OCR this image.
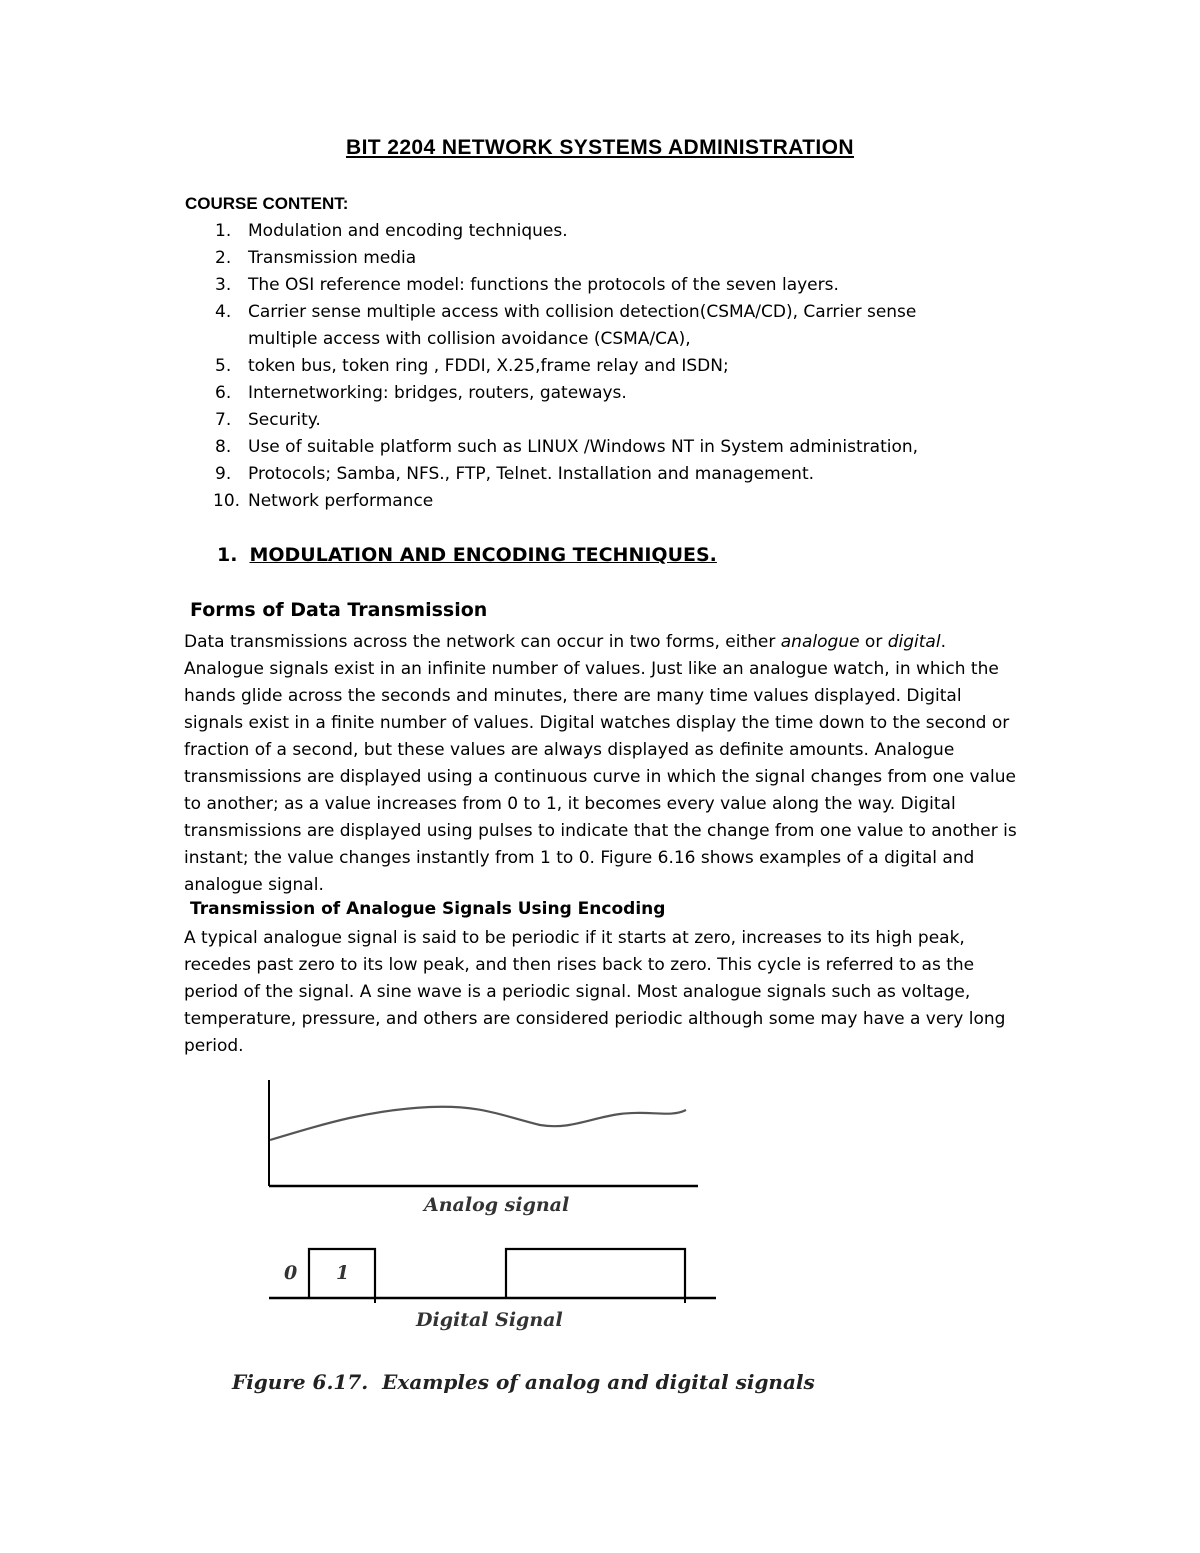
BIT 2204 NETWORK SYSTEMS ADMINISTRATION
COURSE CONTENT:
1. Modulation and encoding techniques.
2. Transmission media
3. The OSI reference model: functions the protocols of the seven layers.
4. Carrier sense multiple access with collision detection(CSMA/CD), Carrier sense
multiple access with collision avoidance (CSMA/CA),
5. token bus, token ring , FDDI, X.25,frame relay and ISDN;
6. Internetworking: bridges, routers, gateways.
7. Security.
8. Use of suitable platform such as LINUX /Windows NT in System administration,
9. Protocols; Samba, NFS., FTP, Telnet. Installation and management.
10. Network performance
1. MODULATION AND ENCODING TECHNIQUES.
Forms of Data Transmission

Data transmissions across the network can occur in two forms, either analogue or digital. Analogue signals exist in an infinite number of values. Just like an analogue watch, in which the hands glide across the seconds and minutes, there are many time values displayed. Digital signals exist in a finite number of values. Digital watches display the time down to the second or fraction of a second, but these values are always displayed as definite amounts. Analogue transmissions are displayed using a continuous curve in which the signal changes from one value to another; as a value increases from 0 to 1, it becomes every value along the way. Digital transmissions are displayed using pulses to indicate that the change from one value to another is instant; the value changes instantly from 1 to 0. Figure 6.16 shows examples of a digital and analogue signal.

Transmission of Analogue Signals Using Encoding

A typical analogue signal is said to be periodic if it starts at zero, increases to its high peak, recedes past zero to its low peak, and then rises back to zero. This cycle is referred to as the period of the signal. A sine wave is a periodic signal. Most analogue signals such as voltage, temperature, pressure, and others are considered periodic although some may have a very long period.

Analog signal
0 1
Digital Signal
Figure 6.17.  Examples of analog and digital signals
